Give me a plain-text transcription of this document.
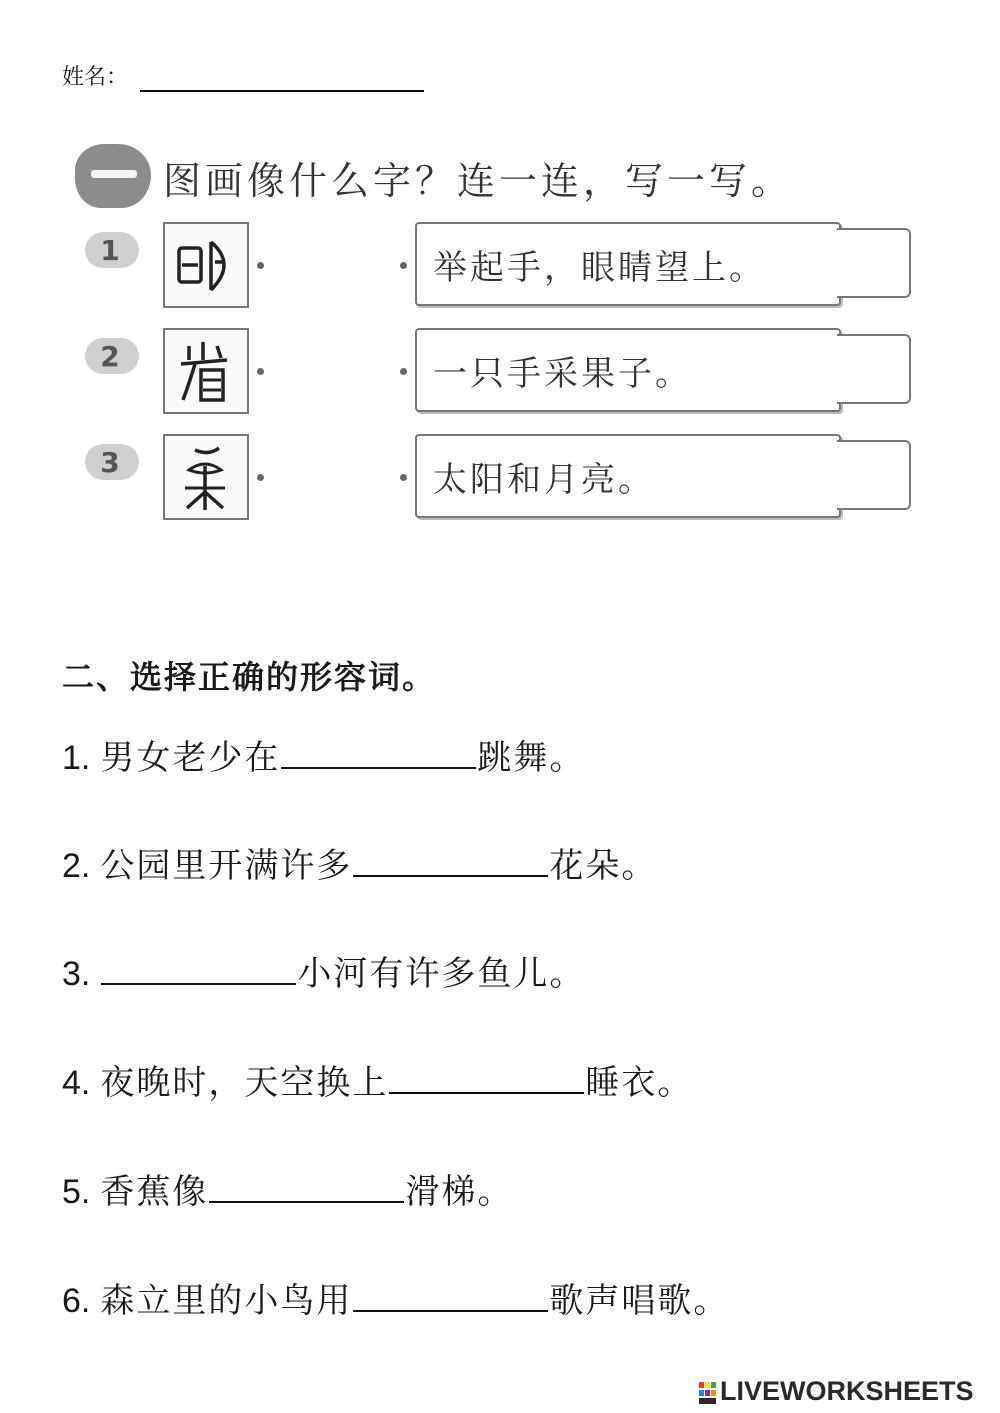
姓名：
图画像什么字？连一连，写一写。
1	举起手，眼睛望上。
2	一只手采果子。
3	太阳和月亮。
二、选择正确的形容词。
1. 男女老少在	跳舞。
2. 公园里开满许多	花朵。
3.	小河有许多鱼儿。
4. 夜晚时，天空换上	睡衣。
5. 香蕉像	滑梯。
6. 森立里的小鸟用	歌声唱歌。
LIVEWORKSHEETS
